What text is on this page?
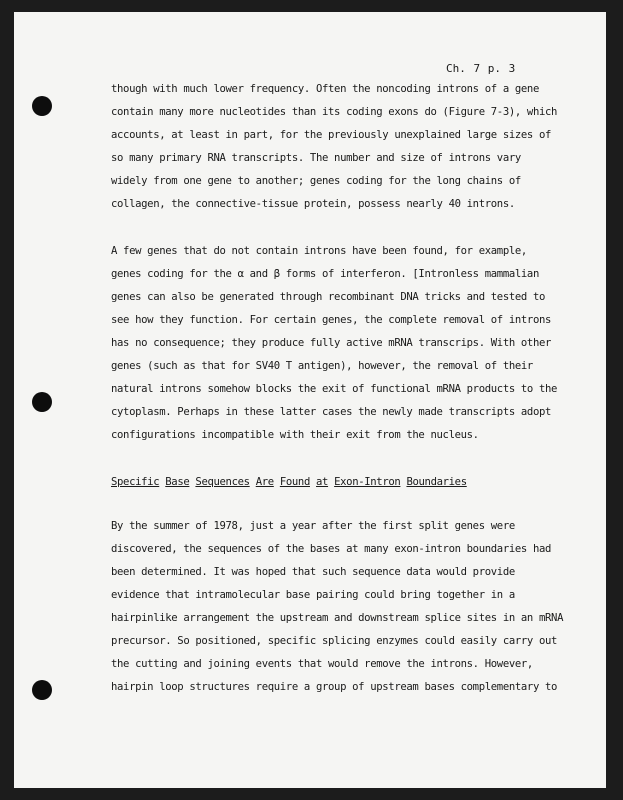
Ch. 7 p. 3
though with much lower frequency. Often the noncoding introns of a gene
contain many more nucleotides than its coding exons do (Figure 7-3), which
accounts, at least in part, for the previously unexplained large sizes of
so many primary RNA transcripts. The number and size of introns vary
widely from one gene to another; genes coding for the long chains of
collagen, the connective-tissue protein, possess nearly 40 introns.
A few genes that do not contain introns have been found, for example,
genes coding for the α and β forms of interferon. [Intronless mammalian
genes can also be generated through recombinant DNA tricks and tested to
see how they function. For certain genes, the complete removal of introns
has no consequence; they produce fully active mRNA transcrips. With other
genes (such as that for SV40 T antigen), however, the removal of their
natural introns somehow blocks the exit of functional mRNA products to the
cytoplasm. Perhaps in these latter cases the newly made transcripts adopt
configurations incompatible with their exit from the nucleus.
Specific Base Sequences Are Found at Exon-Intron Boundaries
By the summer of 1978, just a year after the first split genes were
discovered, the sequences of the bases at many exon-intron boundaries had
been determined. It was hoped that such sequence data would provide
evidence that intramolecular base pairing could bring together in a
hairpinlike arrangement the upstream and downstream splice sites in an mRNA
precursor. So positioned, specific splicing enzymes could easily carry out
the cutting and joining events that would remove the introns. However,
hairpin loop structures require a group of upstream bases complementary to
